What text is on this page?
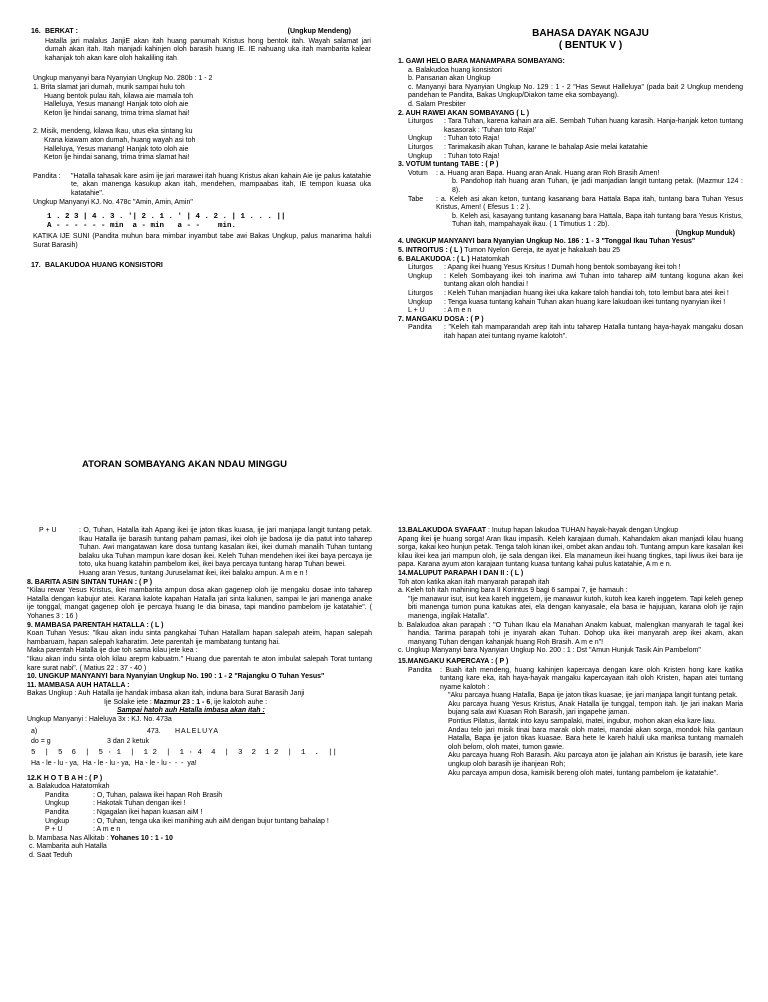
16. BERKAT :	(Ungkup Mendeng)

Hatalla jari malalus JanjiE akan itah huang panumah Kristus hong bentok itah. Wayah salamat jari dumah akan itah. Itah manjadi kahinjen oloh barasih huang IE. IE nahuang uka itah mambarita kalear kahanjak toh akan kare oloh hakaliling itah

Ungkup manyanyi bara Nyanyian Ungkup No. 280b : 1 - 2

1. Brita slamat jari dumah, murik sampai hulu toh
Huang bentok pulau itah, kilawa aie mamala toh
Halleluya, Yesus manang! Hanjak toto oloh aie
Keton lje hindai sanang, trima trima slamat hai!
2. Misik, mendeng, kilawa Ikau, utus eka sintang ku
Krana kiawam aton dumah, huang wayah asi toh
Halleluya, Yesus manang! Hanjak toto oloh aie
Keton lje hindai sanang, trima trima slamat hai!
Pandita :	"Hatalla tahasak kare asim ije jari marawei itah huang Kristus akan kahain Aie ije palus katatahie te, akan manenga kasukup akan itah, mendehen, mampaabas itah, IE tempon kuasa uka katatahie".

Ungkup Manyanyi KJ. No. 478c "Amin, Amin, Amin"

1 . 2 3 | 4 . 3 . '| 2 . 1 . ' | 4 . 2 . | 1 . . . ||

A - - - - - - min  a - min   a - -    min.

KATIKA IJE SUNI (Pandita muhun bara mimbar inyambut tabe awi Bakas Ungkup, palus manarima haluli Surat Barasih)

17. BALAKUDOA HUANG KONSISTORI
BAHASA DAYAK NGAJU
( BENTUK V )
1. GAWI HELO BARA MANAMPARA SOMBAYANG:
a. Balakudoa huang konsistori
b. Pansanan akan Ungkup
c. Manyanyi bara Nyanyian Ungkup No. 129 : 1 - 2 "Has Sewut Halleluya" (pada bait 2 Ungkup mendeng pandehan te Pandita, Bakas Ungkup/Diakon tame eka sombayang).
d. Salam Presbiter
2. AUH RAWEI AKAN SOMBAYANG ( L )
Liturgos	: Tara Tuhan, karena kahain ara aiE. Sembah Tuhan huang karasih. Hanja-hanjak keton tuntang kasasorak : 'Tuhan toto Raja!'
Ungkup	: Tuhan toto Raja!
Liturgos	: Tarimakasih akan Tuhan, karane Ie bahalap Asie melai katatahie
Ungkup	: Tuhan toto Raja!
3. VOTUM tuntang TABE : ( P )
Votum	: a. Huang aran Bapa. Huang aran Anak. Huang aran Roh Brasih Amen!
b. Pandohop itah huang aran Tuhan, ije jadi manjadian langit tuntang petak. (Mazmur 124 : 8).
Tabe	: a. Keleh asi akan keton, tuntang kasanang bara Hattala Bapa itah, tuntang bara Tuhan Yesus Kristus, Amen! ( Efesus 1 : 2 ).
b. Keleh asi, kasayang tuntang kasanang bara Hattala, Bapa itah tuntang bara Yesus Kristus, Tuhan itah, mampahayak ikau. ( 1 Timutius 1 : 2b).
(Ungkup Munduk)
4. UNGKUP MANYANYI bara Nyanyian Ungkup No. 186 : 1 - 3 "Tonggal Ikau Tuhan Yesus"
5. INTROITUS : ( L ) Tumon Nyelon Gereja, ite ayat je hakaluah bau 25
6. BALAKUDOA : ( L ) Hatatomkah
Liturgos	: Apang ikei huang Yesus Krsitus ! Dumah hong bentok sombayang ikei toh !
Ungkup	: Keleh Sombayang ikei toh inarima awi Tuhan into taharep aiM tuntang koguna akan ikei tuntang akan oloh handiai !
Liturgos	: Keleh Tuhan manjadian huang ikei uka kakare taloh handiai toh, toto lembut bara atei ikei !
Ungkup	: Tenga kuasa tuntang kahain Tuhan akan huang kare lakudoan ikei tuntang nyanyian ikei !
L + U	: A m e n
7. MANGAKU DOSA : ( P )
Pandita	: "Keleh itah mamparandah arep itah intu taharep Hatalla tuntang haya-hayak mangaku dosan itah hapan atei tuntang nyame kalotoh".
ATORAN SOMBAYANG AKAN NDAU MINGGU
P + U	: O, Tuhan, Hatalla itah Apang ikei ije jaton tikas kuasa, ije jari manjapa langit tuntang petak. Ikau Hatalla ije barasih tuntang paham pamasi, ikei oloh ije badosa ije dia patut into taharep Tuhan. Awi mangatawan kare dosa tuntang kasalan ikei, ikei dumah manalih Tuhan tuntang balaku uka Tuhan mampun kare dosan ikei. Keleh Tuhan mendehen ikei ikei baya percaya ije toto, uka huang katahin pambelom ikei, ikei baya percaya tuntang harap Tuhan bewei.
Huang aran Yesus, tuntang Juruselamat ikei, ikei balaku ampun. A m e n !
8. BARITA ASIN SINTAN TUHAN : ( P )
"Kilau rewar Yesus Kristus, ikei mambarita ampun dosa akan gagenep oloh ije mengaku dosae into taharep Hatalla dengan kabujur atei. Karana kalote kapahan Hatalla jari sinta kalunen, sampai Ie jari manenga anake ije tonggal, mangat gagenep oloh ije percaya huang Ie dia binasa, tapi mandino pambelom ije katatahie". ( Yohanes 3 : 16 )
9. MAMBASA PARENTAH HATALLA : ( L )
Koan Tuhan Yesus: "Ikau akan indu sinta pangkahai Tuhan Hatallam hapan salepah ateim, hapan salepah hambaruam, hapan salepah kaharatim. Jete parentah ije mambatang tuntang hai.
Maka parentah Hatalla ije due toh sama kilau jete kea :
"Ikau akan indu sinta oloh kilau arepm kabuatm." Huang due parentah te aton imbulat salepah Torat tuntang kare surat nabi". ( Matius 22 : 37 - 40 )
10. UNGKUP MANYANYI bara Nyanyian Ungkup No. 190 : 1 - 2 "Rajangku O Tuhan Yesus"
11. MAMBASA AUH HATALLA :
Bakas Ungkup : Auh Hatalla ije handak imbasa akan itah, induna bara Surat Barasih Janji
Ije Solake iete : Mazmur 23 : 1 - 6, ije kalotoh auhe :
Sampai hatoh auh Hatalla imbasa akan itah :
Ungkup Manyanyi : Haleluya 3x : KJ. No. 473a
a)	473. HALELUYA
do = g	3 dan 2 ketuk
5  |  5  6  |  5 · 1  |  1 2  |  1 · 4  4  |  3  2  1 2  |  1  .  ||
Ha - le - lu - ya,  Ha - le - lu - ya,  Ha - le - lu -  -  -  ya!
12.K H O T B A H : ( P )
a. Balakudoa Hatatomkah
Pandita	: O, Tuhan, palawa ikei hapan Roh Brasih
Ungkup	: Hakotak Tuhan dengan ikei !
Pandita	: Ngagalan ikei hapan kuasan aiM !
Ungkup	: O, Tuhan, tenga uka ikei manihing auh aiM dengan bujur tuntang bahalap !
P + U	: A m e n
b. Mambasa Nas Alkitab : Yohanes 10 : 1 - 10
c. Mambarita auh Hatalla
d. Saat Teduh
13.BALAKUDOA SYAFAAT : Inutup hapan lakudoa TUHAN hayak-hayak dengan Ungkup
Apang ikei ije huang sorga! Aran Ikau impasih. Keleh karajaan dumah. Kahandakm akan manjadi kilau huang sorga, kakai keo hunjun petak. Tenga taloh kinan ikei, ombet akan andau toh. Tuntang ampun kare kasalan ikei kilau ikei kea jari mampun oloh, ije sala dengan ikei. Ela manameun ikei huang tingkes, tapi liwus ikei bara ije papa. Karana ayum aton karajaan tuntang kuasa tuntang kahai pulus katatahie, A m e n.
14.MALUPUT PARAPAH I DAN II : ( L )
Toh aton katika akan itah manyarah parapah itah
a. Keleh toh itah mahining bara II Korintus 9 bagi 6 sampai 7, ije hamauh :
"Ije manawur isut, isut kea kareh inggetem, ije manawur kutoh, kutoh kea kareh inggetem. Tapi keleh genep biti manenga tumon puna katukas atei, ela dengan kanyasale, ela basa ie hajujuan, karana oloh ije rajin manenga, ingilak Hatalla".
b. Balakudoa akan parapah : "O Tuhan Ikau ela Manahan Anakm kabuat, malengkan manyarah Ie tagal ikei handia. Tarima parapah tohi je inyarah akan Tuhan. Dohop uka ikei manyarah arep ikei akam, akan manyang Tuhan dengan kahanjak huang Roh Brasih. A m e n"!
c. Ungkup Manyanyi bara Nyanyian Ungkup No. 200 : 1 : Dst "Amun Hunjuk Tasik Ain Pambelom"
15.MANGAKU KAPERCAYA : ( P )
Pandita	: Buah itah mendeng, huang kahinjen kapercaya dengan kare oloh Kristen hong kare katika tuntang kare eka, itah haya-hayak mangaku kapercayaan itah oloh Kristen, hapan atei tuntang nyame kalotoh :
"Aku parcaya huang Hatalla, Bapa ije jaton tikas kuasae, ije jari manjapa langit tuntang petak.
Aku parcaya huang Yesus Kristus, Anak Hatalla ije tunggal, tempon itah. Ije jari inakan Maria bujang sala awi Kuasan Roh Barasih, jari ingapehe jaman.
Pontius Pilatus, ilantak into kayu sampalaki, matei, ingubur, mohon akan eka kare liau.
Andau telo jari misik tinai bara marak oloh matei, mandai akan sorga, mondok hila gantaun Hatalla, Bapa ije jaton tikas kuasae. Bara hete Ie kareh haluli uka mariksa tuntang mamaleh oloh belom, oloh matei, tumon gawie.
Aku parcaya huang Roh Barasih. Aku parcaya aton ije jalahan ain Kristus ije barasih, iete kare ungkup oloh barasih ije ihanjean Roh;
Aku parcaya ampun dosa, kamisik bereng oloh matei, tuntang pambelom ije katatahie".
